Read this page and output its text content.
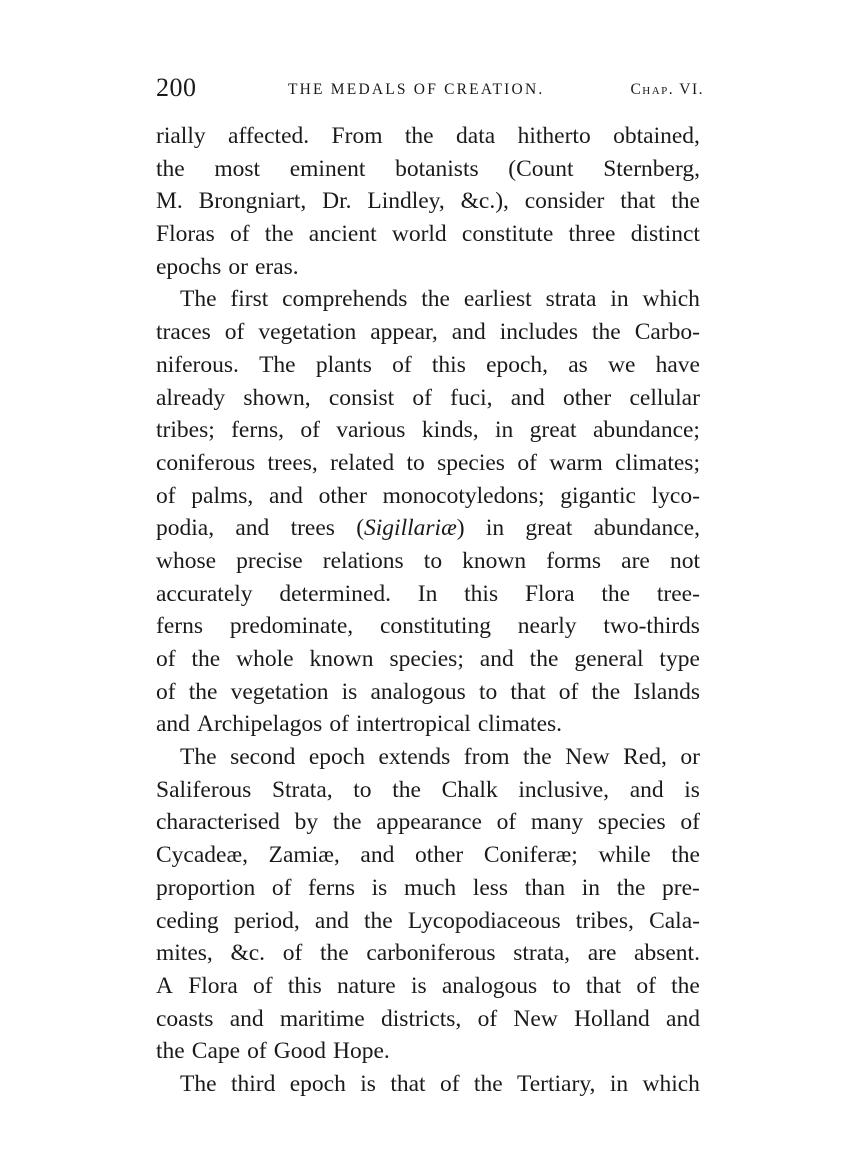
200	THE MEDALS OF CREATION.	Chap. VI.
rially affected. From the data hitherto obtained,
the most eminent botanists (Count Sternberg,
M. Brongniart, Dr. Lindley, &c.), consider that the
Floras of the ancient world constitute three distinct
epochs or eras.
The first comprehends the earliest strata in which
traces of vegetation appear, and includes the Carbo-
niferous. The plants of this epoch, as we have
already shown, consist of fuci, and other cellular
tribes; ferns, of various kinds, in great abundance;
coniferous trees, related to species of warm climates;
of palms, and other monocotyledons; gigantic lyco-
podia, and trees (Sigillariæ) in great abundance,
whose precise relations to known forms are not
accurately determined. In this Flora the tree-
ferns predominate, constituting nearly two-thirds
of the whole known species; and the general type
of the vegetation is analogous to that of the Islands
and Archipelagos of intertropical climates.
The second epoch extends from the New Red, or
Saliferous Strata, to the Chalk inclusive, and is
characterised by the appearance of many species of
Cycadeæ, Zamiæ, and other Coniferæ; while the
proportion of ferns is much less than in the pre-
ceding period, and the Lycopodiaceous tribes, Cala-
mites, &c. of the carboniferous strata, are absent.
A Flora of this nature is analogous to that of the
coasts and maritime districts, of New Holland and
the Cape of Good Hope.
The third epoch is that of the Tertiary, in which
